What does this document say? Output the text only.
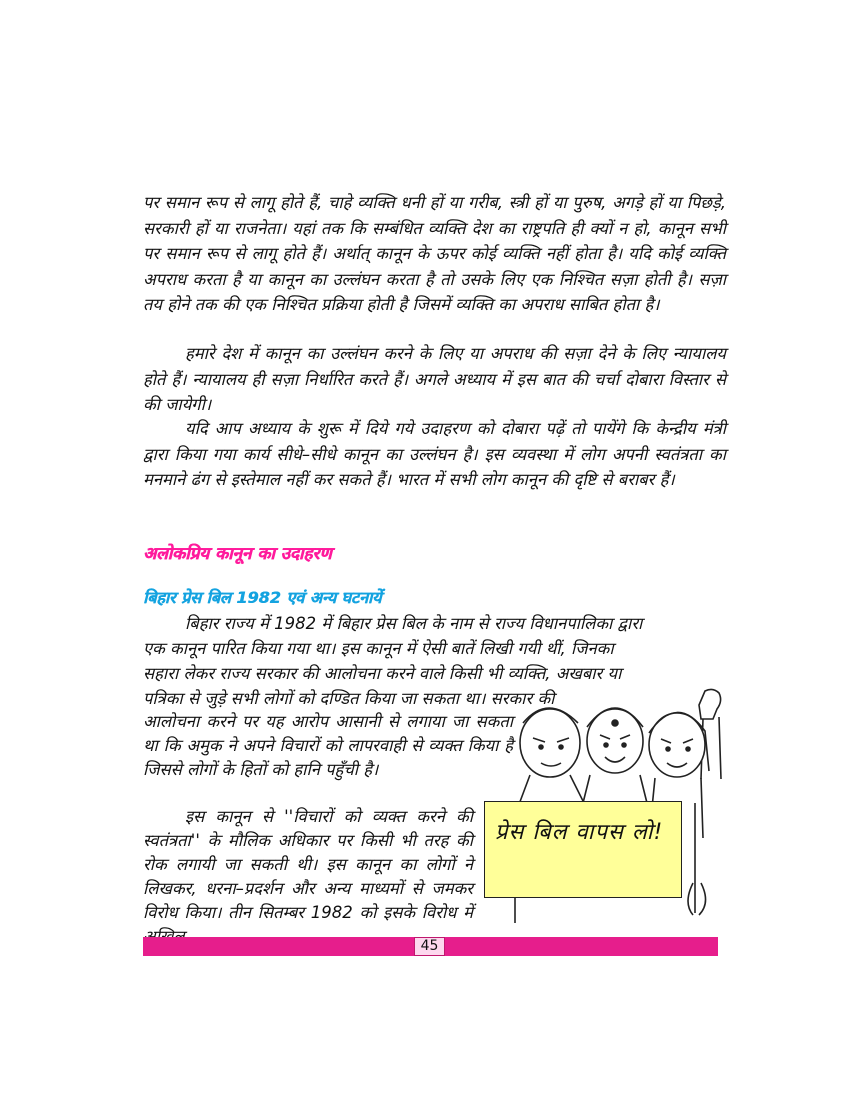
पर समान रूप से लागू होते हैं, चाहे व्यक्ति धनी हों या गरीब, स्त्री हों या पुरुष, अगड़े हों या पिछड़े, सरकारी हों या राजनेता। यहां तक कि सम्बंधित व्यक्ति देश का राष्ट्रपति ही क्यों न हो, कानून सभी पर समान रूप से लागू होते हैं। अर्थात् कानून के ऊपर कोई व्यक्ति नहीं होता है। यदि कोई व्यक्ति अपराध करता है या कानून का उल्लंघन करता है तो उसके लिए एक निश्चित सज़ा होती है। सज़ा तय होने तक की एक निश्चित प्रक्रिया होती है जिसमें व्यक्ति का अपराध साबित होता है।

हमारे देश में कानून का उल्लंघन करने के लिए या अपराध की सज़ा देने के लिए न्यायालय होते हैं। न्यायालय ही सज़ा निर्धारित करते हैं। अगले अध्याय में इस बात की चर्चा दोबारा विस्तार से की जायेगी।

यदि आप अध्याय के शुरू में दिये गये उदाहरण को दोबारा पढ़ें तो पायेंगे कि केन्द्रीय मंत्री द्वारा किया गया कार्य सीधे–सीधे कानून का उल्लंघन है। इस व्यवस्था में लोग अपनी स्वतंत्रता का मनमाने ढंग से इस्तेमाल नहीं कर सकते हैं। भारत में सभी लोग कानून की दृष्टि से बराबर हैं।

अलोकप्रिय कानून का उदाहरण
बिहार प्रेस बिल 1982 एवं अन्य घटनायें

बिहार राज्य में 1982 में बिहार प्रेस बिल के नाम से राज्य विधानपालिका द्वारा

एक कानून पारित किया गया था। इस कानून में ऐसी बातें लिखी गयी थीं, जिनका

सहारा लेकर राज्य सरकार की आलोचना करने वाले किसी भी व्यक्ति, अखबार या

पत्रिका से जुड़े सभी लोगों को दण्डित किया जा सकता था। सरकार की

आलोचना करने पर यह आरोप आसानी से लगाया जा सकता था कि अमुक ने अपने विचारों को लापरवाही से व्यक्त किया है जिससे लोगों के हितों को हानि पहुँची है।

इस कानून से ''विचारों को व्यक्त करने की स्वतंत्रता'' के मौलिक अधिकार पर किसी भी तरह की रोक लगायी जा सकती थी। इस कानून का लोगों ने लिखकर, धरना–प्रदर्शन और अन्य माध्यमों से जमकर विरोध किया। तीन सितम्बर 1982 को इसके विरोध में

प्रेस बिल वापस लो!
45
